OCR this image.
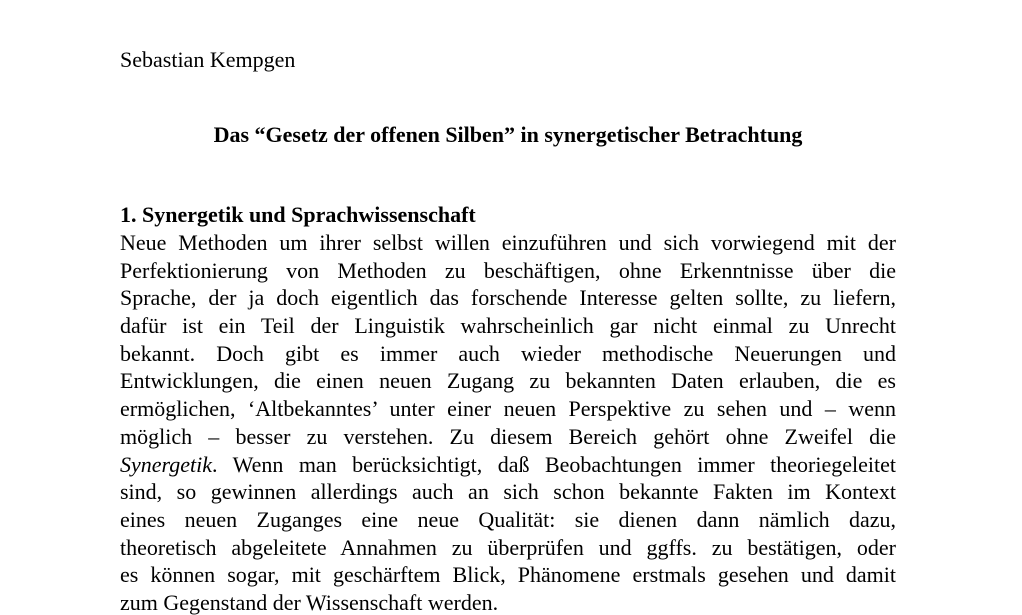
Sebastian Kempgen
Das “Gesetz der offenen Silben” in synergetischer Betrachtung
1. Synergetik und Sprachwissenschaft
Neue Methoden um ihrer selbst willen einzuführen und sich vorwiegend mit der
Perfektionierung von Methoden zu beschäftigen, ohne Erkenntnisse über die
Sprache, der ja doch eigentlich das forschende Interesse gelten sollte, zu liefern,
dafür ist ein Teil der Linguistik wahrscheinlich gar nicht einmal zu Unrecht
bekannt. Doch gibt es immer auch wieder methodische Neuerungen und
Entwicklungen, die einen neuen Zugang zu bekannten Daten erlauben, die es
ermöglichen, ‘Altbekanntes’ unter einer neuen Perspektive zu sehen und – wenn
möglich – besser zu verstehen. Zu diesem Bereich gehört ohne Zweifel die
Synergetik. Wenn man berücksichtigt, daß Beobachtungen immer theoriegeleitet
sind, so gewinnen allerdings auch an sich schon bekannte Fakten im Kontext
eines neuen Zuganges eine neue Qualität: sie dienen dann nämlich dazu,
theoretisch abgeleitete Annahmen zu überprüfen und ggffs. zu bestätigen, oder
es können sogar, mit geschärftem Blick, Phänomene erstmals gesehen und damit
zum Gegenstand der Wissenschaft werden.
